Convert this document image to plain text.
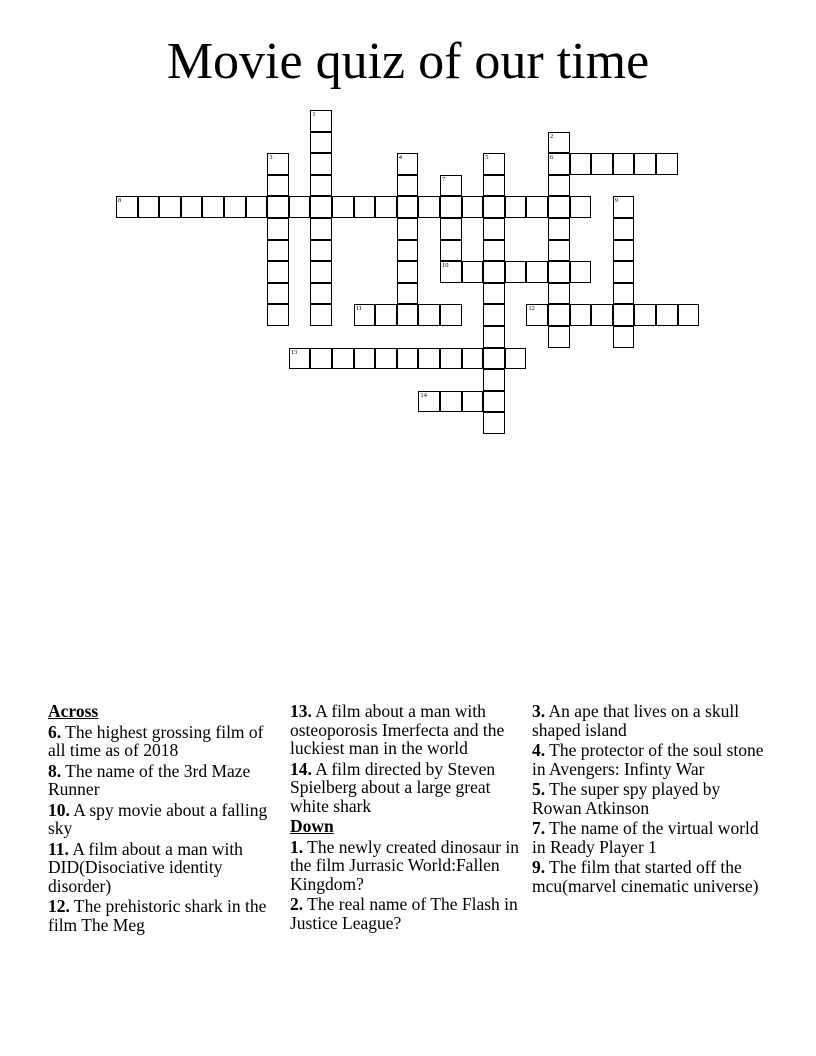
Movie quiz of our time
1
2
6
3	4	5
7
10
8	9
11	12
13
14
Across
6. The highest grossing film of all time as of 2018
8. The name of the 3rd Maze Runner
10. A spy movie about a falling sky
11. A film about a man with DID(Disociative identity disorder)
12. The prehistoric shark in the film The Meg
13. A film about a man with osteoporosis Imerfecta and the luckiest man in the world
14. A film directed by Steven Spielberg about a large great white shark
Down
1. The newly created dinosaur in the film Jurrasic World:Fallen Kingdom?
2. The real name of The Flash in Justice League?
3. An ape that lives on a skull shaped island
4. The protector of the soul stone in Avengers: Infinty War
5. The super spy played by Rowan Atkinson
7. The name of the virtual world in Ready Player 1
9. The film that started off the mcu(marvel cinematic universe)
